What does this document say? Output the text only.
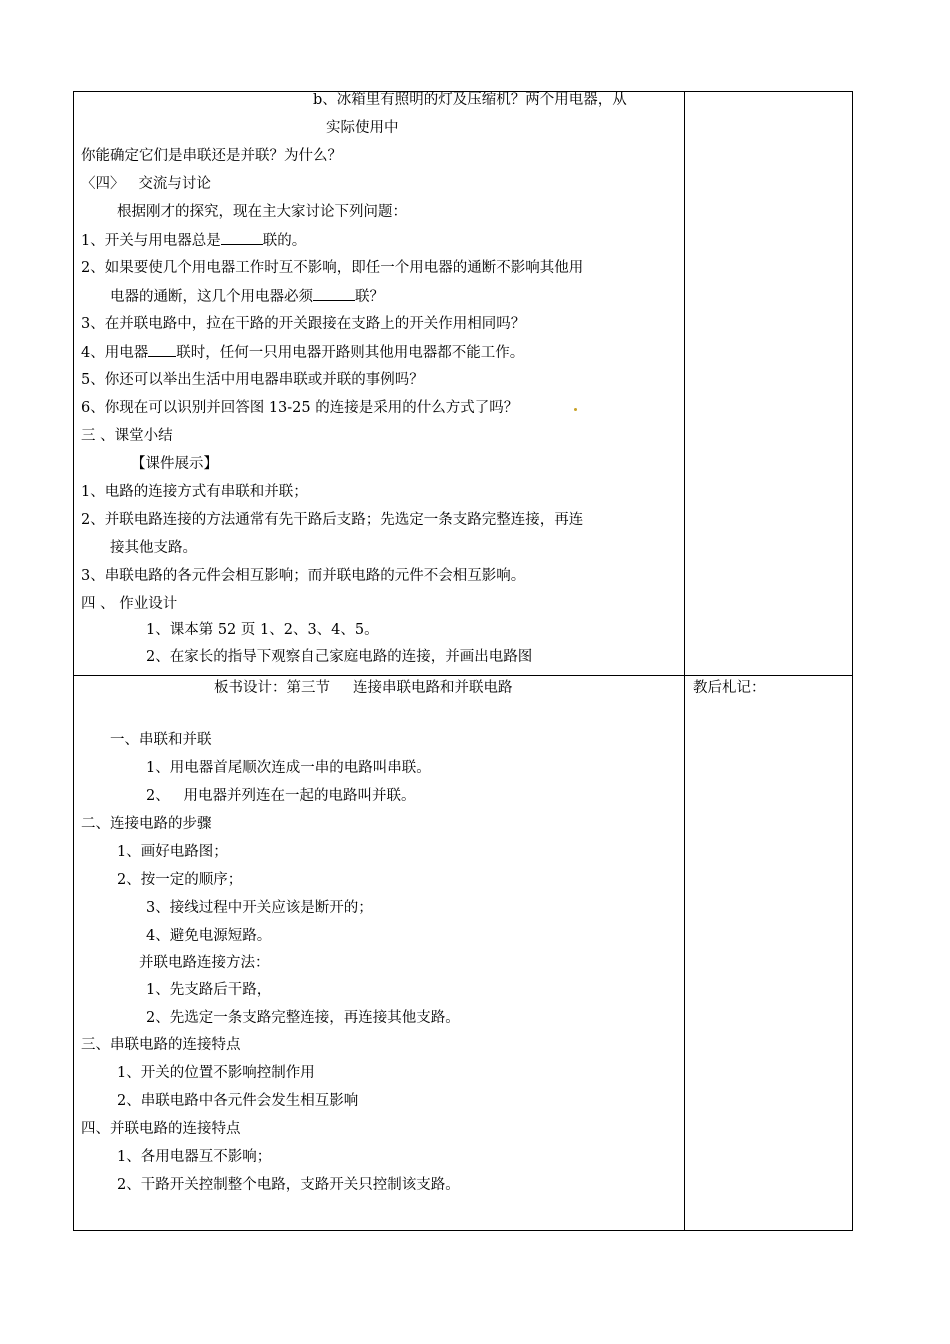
b、冰箱里有照明的灯及压缩机？两个用电器，从
实际使用中
你能确定它们是串联还是并联？为什么？
〈四〉   交流与讨论
根据刚才的探究，现在主大家讨论下列问题：
1、开关与用电器总是	联的。
2、如果要使几个用电器工作时互不影响，即任一个用电器的通断不影响其他用
电器的通断，这几个用电器必须	联？
3、在并联电路中，拉在干路的开关跟接在支路上的开关作用相同吗？
4、用电器 联时，任何一只用电器开路则其他用电器都不能工作。
5、你还可以举出生活中用电器串联或并联的事例吗？
6、你现在可以识别并回答图 13-25 的连接是采用的什么方式了吗？
三 、课堂小结
【课件展示】
1、电路的连接方式有串联和并联；
2、并联电路连接的方法通常有先干路后支路；先选定一条支路完整连接，再连
接其他支路。
3、串联电路的各元件会相互影响；而并联电路的元件不会相互影响。
四 、 作业设计
1、课本第 52 页 1、2、3、4、5。
2、在家长的指导下观察自己家庭电路的连接，并画出电路图
板书设计：第三节     连接串联电路和并联电路	教后札记：
一、串联和并联
1、用电器首尾顺次连成一串的电路叫串联。
2、   用电器并列连在一起的电路叫并联。
二、连接电路的步骤
1、画好电路图；
2、按一定的顺序；
3、接线过程中开关应该是断开的；
4、避免电源短路。
并联电路连接方法：
1、先支路后干路，
2、先选定一条支路完整连接，再连接其他支路。
三、串联电路的连接特点
1、开关的位置不影响控制作用
2、串联电路中各元件会发生相互影响
四、并联电路的连接特点
1、各用电器互不影响；
2、干路开关控制整个电路，支路开关只控制该支路。
